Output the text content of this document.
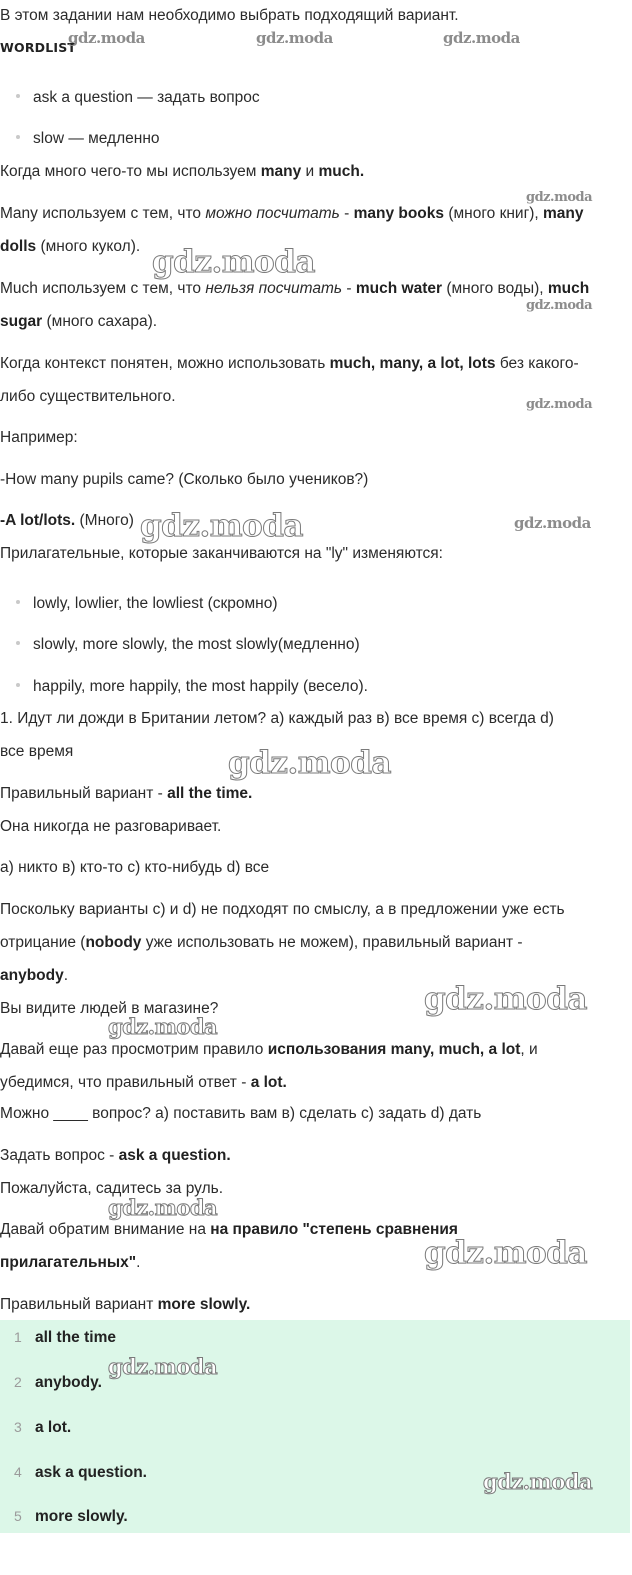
В этом задании нам необходимо выбрать подходящий вариант.
WORDLIST
ask a question — задать вопрос
slow — медленно
Когда много чего-то мы используем many и much.
Many используем с тем, что можно посчитать - many books (много книг), many
dolls (много кукол).
Much используем с тем, что нельзя посчитать - much water (много воды), much
sugar (много сахара).
Когда контекст понятен, можно использовать much, many, a lot, lots без какого-
либо существительного.
Например:
-How many pupils came? (Сколько было учеников?)
-A lot/lots. (Много)
Прилагательные, которые заканчиваются на "ly" изменяются:
lowly, lowlier, the lowliest (скромно)
slowly, more slowly, the most slowly(медленно)
happily, more happily, the most happily (весело).
1. Идут ли дожди в Британии летом? a) каждый раз в) все время с) всегда d)
все время
Правильный вариант - all the time.
Она никогда не разговаривает.
а) никто в) кто-то с) кто-нибудь d) все
Поскольку варианты c) и d) не подходят по смыслу, а в предложении уже есть
отрицание (nobody уже использовать не можем), правильный вариант -
anybody.
Вы видите людей в магазине?
Давай еще раз просмотрим правило использования many, much, a lot, и
убедимся, что правильный ответ - a lot.
Можно ____ вопрос? а) поставить вам в) сделать с) задать d) дать
Задать вопрос - ask a question.
Пожалуйста, садитесь за руль.
Давай обратим внимание на на правило "степень сравнения
прилагательных".
Правильный вариант more slowly.
1 all the time
2 anybody.
3 a lot.
4 ask a question.
5 more slowly.
gdz.moda	gdz.moda	gdz.moda
gdz.moda
gdz.moda
gdz.moda
gdz.moda
gdz.moda	gdz.moda
gdz.moda
gdz.moda
gdz.moda
gdz.moda
gdz.moda
gdz.moda
gdz.moda
